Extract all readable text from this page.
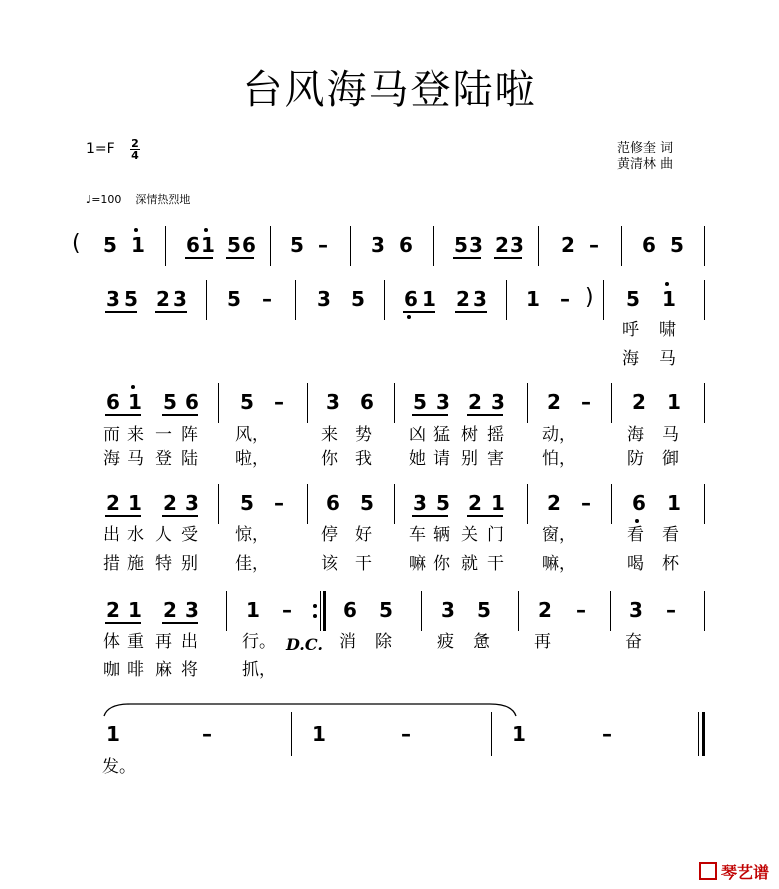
台风海马登陆啦
1=F 2
4	范修奎 词
黄清林 曲
♩=100 深情热烈地
( 5 1 6 1 5 6 5 – 3 6 5 3 2 3 2 – 6 5
3 5 2 3 5 – 3 5 6 1 2 3 1 – ) 5 1
呼 啸
海 马
6 1 5 6 5 – 3 6 5 3 2 3 2 – 2 1
而 来 一 阵 风，	来 势 凶 猛 树 摇 动，	海 马
海 马 登 陆 啦，	你 我 她 请 别 害 怕，	防 御
2 1 2 3 5 – 6 5 3 5 2 1 2 – 6 1
出 水 人 受 惊，	停 好 车 辆 关 门 窗，	看 看
措 施 特 别 佳，	该 干 嘛 你 就 干 嘛，	喝 杯
2 1 2 3 1 –	6 5 3 5 2 – 3 –
体 重 再 出	行。 D.C. 消 除	疲 惫	再	奋
咖 啡 麻 将	抓，
1	–	1	–	1	–
发。
琴艺谱
